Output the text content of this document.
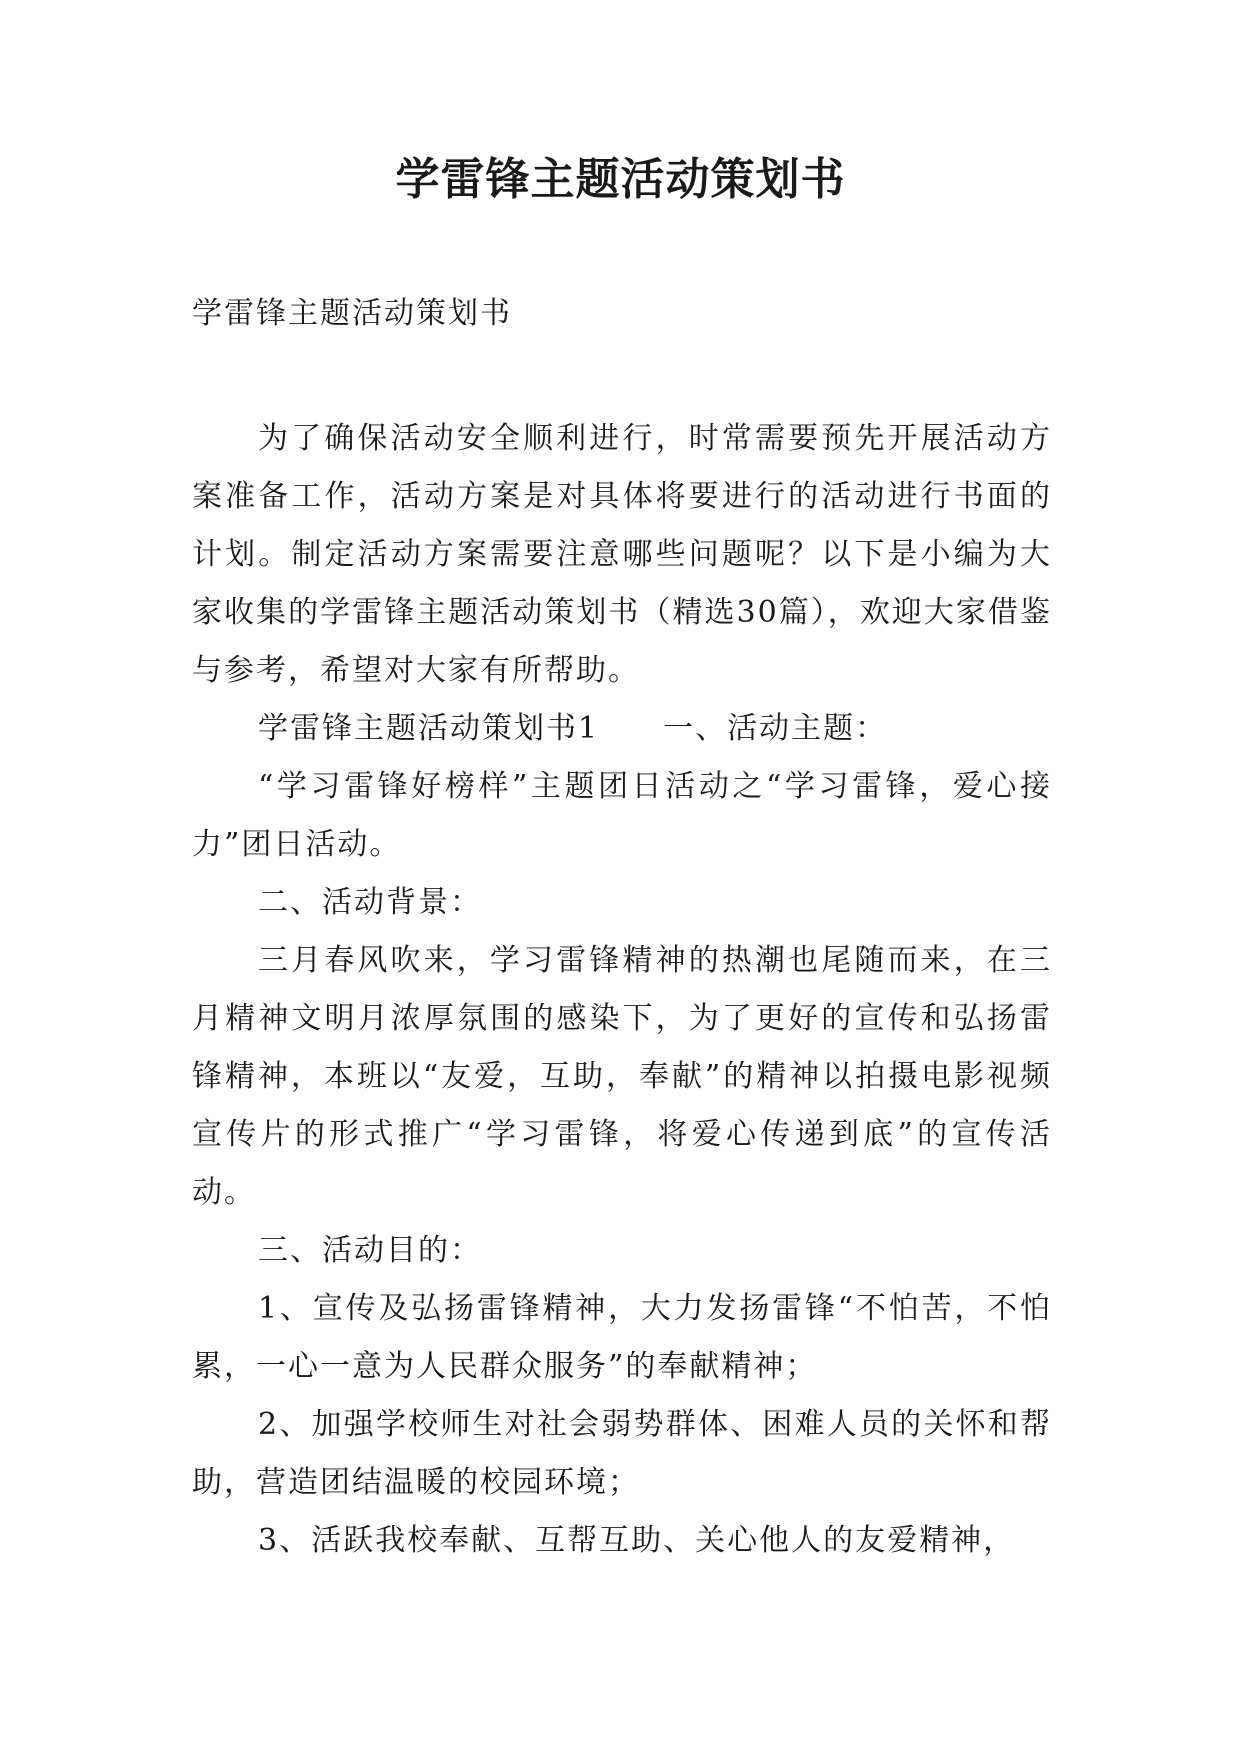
学雷锋主题活动策划书

学雷锋主题活动策划书

为了确保活动安全顺利进行，时常需要预先开展活动方案准备工作，活动方案是对具体将要进行的活动进行书面的计划。制定活动方案需要注意哪些问题呢？以下是小编为大家收集的学雷锋主题活动策划书（精选30篇），欢迎大家借鉴与参考，希望对大家有所帮助。

学雷锋主题活动策划书1 一、活动主题：

“学习雷锋好榜样”主题团日活动之“学习雷锋，爱心接力”团日活动。

二、活动背景：

三月春风吹来，学习雷锋精神的热潮也尾随而来，在三月精神文明月浓厚氛围的感染下，为了更好的宣传和弘扬雷锋精神，本班以“友爱，互助，奉献”的精神以拍摄电影视频宣传片的形式推广“学习雷锋，将爱心传递到底”的宣传活动。

三、活动目的：

1、宣传及弘扬雷锋精神，大力发扬雷锋“不怕苦，不怕累，一心一意为人民群众服务”的奉献精神；

2、加强学校师生对社会弱势群体、困难人员的关怀和帮助，营造团结温暖的校园环境；

3、活跃我校奉献、互帮互助、关心他人的友爱精神，
